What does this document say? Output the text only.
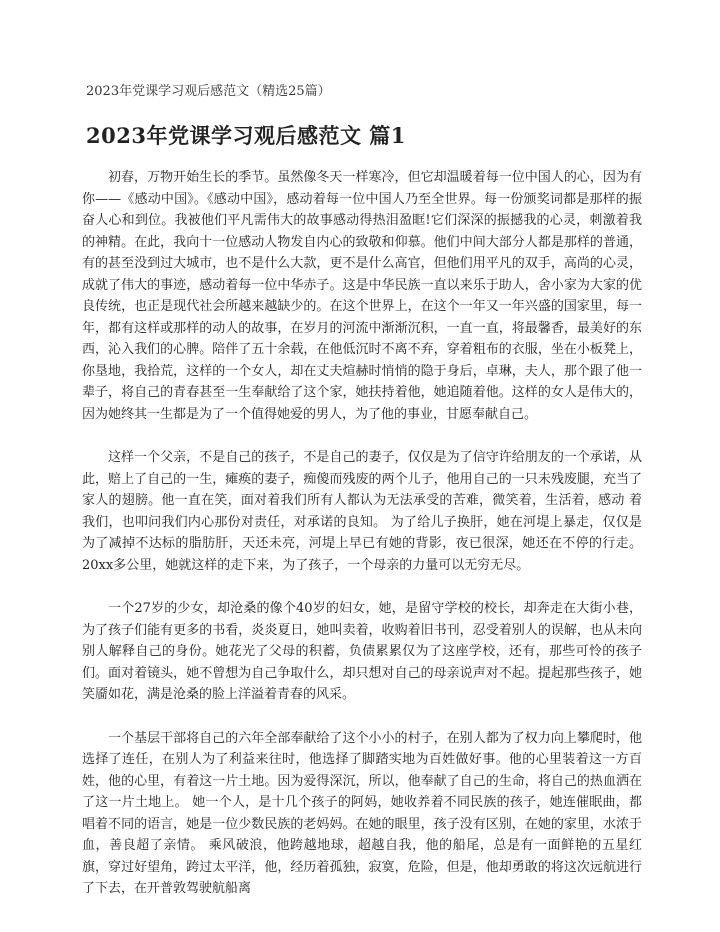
2023年党课学习观后感范文（精选25篇）
2023年党课学习观后感范文 篇1

初春，万物开始生长的季节。虽然像冬天一样寒冷，但它却温暖着每一位中国人的心，因为有你——《感动中国》。《感动中国》，感动着每一位中国人乃至全世界。每一份颁奖词都是那样的振奋人心和到位。我被他们平凡需伟大的故事感动得热泪盈眶!它们深深的振撼我的心灵，刺激着我的神精。在此，我向十一位感动人物发自内心的致敬和仰慕。他们中间大部分人都是那样的普通，有的甚至没到过大城市，也不是什么大款，更不是什么高官，但他们用平凡的双手，高尚的心灵，成就了伟大的事迹，感动着每一位中华赤子。这是中华民族一直以来乐于助人，舍小家为大家的优良传统，也正是现代社会所越来越缺少的。在这个世界上，在这个一年又一年兴盛的国家里，每一年，都有这样或那样的动人的故事，在岁月的河流中渐渐沉积，一直一直，将最馨香，最美好的东西，沁入我们的心脾。陪伴了五十余载，在他低沉时不离不弃，穿着粗布的衣服，坐在小板凳上，你垦地，我拾荒，这样的一个女人，却在丈夫煊赫时悄悄的隐于身后，卓琳，夫人，那个跟了他一辈子，将自己的青春甚至一生奉献给了这个家，她扶持着他，她追随着他。这样的女人是伟大的，因为她终其一生都是为了一个值得她爱的男人，为了他的事业，甘愿奉献自己。

这样一个父亲，不是自己的孩子，不是自己的妻子，仅仅是为了信守许给朋友的一个承诺，从此，赔上了自己的一生，瘫痪的妻子，痴傻而残废的两个儿子，他用自己的一只未残废腿，充当了家人的翅膀。他一直在笑，面对着我们所有人都认为无法承受的苦难，微笑着，生活着，感动 着我们，也叩问我们内心那份对责任，对承诺的良知。 为了给儿子换肝，她在河堤上暴走，仅仅是为了减掉不达标的脂肪肝，天还未亮，河堤上早已有她的背影，夜已很深，她还在不停的行走。20xx多公里，她就这样的走下来，为了孩子，一个母亲的力量可以无穷无尽。

一个27岁的少女，却沧桑的像个40岁的妇女，她，是留守学校的校长，却奔走在大街小巷，为了孩子们能有更多的书看，炎炎夏日，她叫卖着，收购着旧书刊，忍受着别人的误解，也从未向别人解释自己的身份。她花光了父母的积蓄，负债累累仅为了这座学校，还有，那些可怜的孩子们。面对着镜头，她不曾想为自己争取什么，却只想对自己的母亲说声对不起。提起那些孩子，她笑靥如花，满是沧桑的脸上洋溢着青春的风采。

一个基层干部将自己的六年全部奉献给了这个小小的村子，在别人都为了权力向上攀爬时，他选择了连任，在别人为了利益来往时，他选择了脚踏实地为百姓做好事。他的心里装着这一方百姓，他的心里，有着这一片土地。因为爱得深沉，所以，他奉献了自己的生命，将自己的热血洒在了这一片土地上。 她一个人，是十几个孩子的阿妈，她收养着不同民族的孩子，她连催眠曲，都唱着不同的语言，她是一位少数民族的老妈妈。在她的眼里，孩子没有区别，在她的家里，水浓于血，善良超了亲情。 乘风破浪，他跨越地球，超越自我，他的船尾，总是有一面鲜艳的五星红旗，穿过好望角，跨过太平洋，他，经历着孤独，寂寞，危险，但是，他却勇敢的将这次远航进行了下去，在开普敦驾驶航船离
